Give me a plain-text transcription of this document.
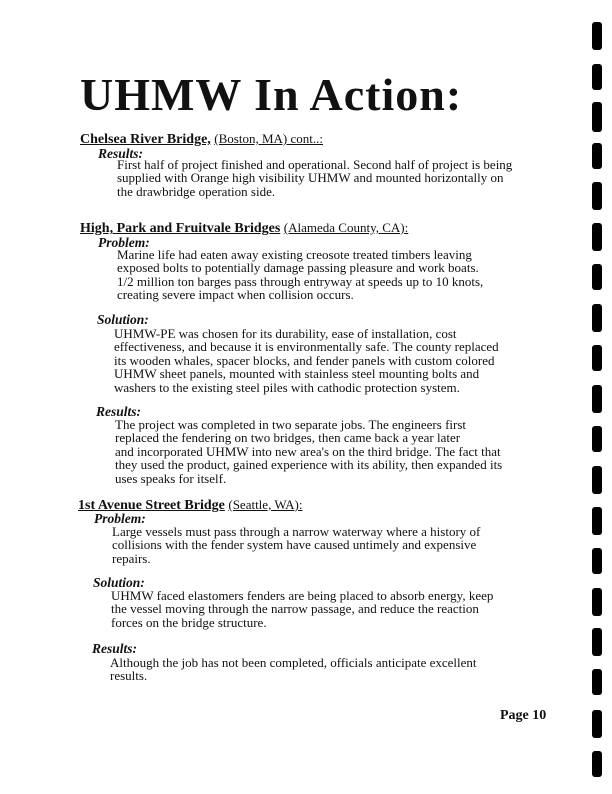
UHMW In Action:
Chelsea River Bridge, (Boston, MA) cont..:
Results:

First half of project finished and operational. Second half of project is being
supplied with Orange high visibility UHMW and mounted horizontally on
the drawbridge operation side.

High, Park and Fruitvale Bridges (Alameda County, CA):
Problem:

Marine life had eaten away existing creosote treated timbers leaving
exposed bolts to potentially damage passing pleasure and work boats.
1/2 million ton barges pass through entryway at speeds up to 10 knots,
creating severe impact when collision occurs.

Solution:

UHMW-PE was chosen for its durability, ease of installation, cost
effectiveness, and because it is environmentally safe. The county replaced
its wooden whales, spacer blocks, and fender panels with custom colored
UHMW sheet panels, mounted with stainless steel mounting bolts and
washers to the existing steel piles with cathodic protection system.

Results:

The project was completed in two separate jobs. The engineers first
replaced the fendering on two bridges, then came back a year later
and incorporated UHMW into new area's on the third bridge. The fact that
they used the product, gained experience with its ability, then expanded its
uses speaks for itself.

1st Avenue Street Bridge (Seattle, WA):
Problem:

Large vessels must pass through a narrow waterway where a history of
collisions with the fender system have caused untimely and expensive
repairs.

Solution:

UHMW faced elastomers fenders are being placed to absorb energy, keep
the vessel moving through the narrow passage, and reduce the reaction
forces on the bridge structure.

Results:

Although the job has not been completed, officials anticipate excellent
results.

Page 10
